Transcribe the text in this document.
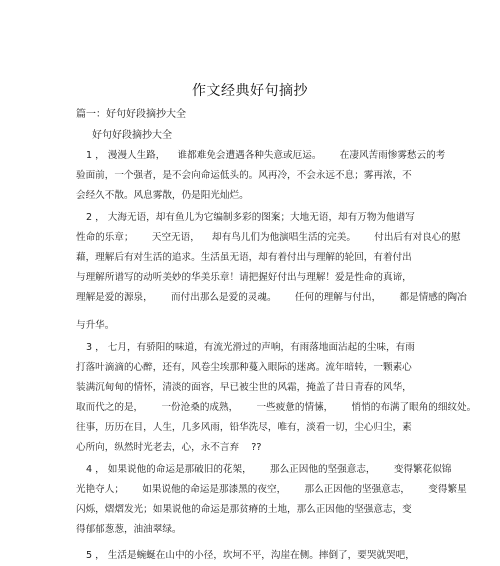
作文经典好句摘抄
篇一：好句好段摘抄大全
好句好段摘抄大全
1 ， 漫漫人生路，    谁都难免会遭遇各种失意或厄运。      在凄风苦雨惨雾愁云的考
验面前，一个强者，是不会向命运低头的。风再冷，不会永远不息；雾再浓，不
会经久不散。风息雾散，仍是阳光灿烂。
2 ， 大海无语，却有鱼儿为它编制多彩的图案；大地无语，却有万物为他谱写
性命的乐章；      天空无语，    却有鸟儿们为他演唱生活的完美。      付出后有对良心的慰
藉，理解后有对生活的追求。生活虽无语，却有着付出与理解的轮回，有着付出
与理解所谱写的动听美妙的华美乐章！请把握好付出与理解！爱是性命的真谛，
理解是爱的源泉，      而付出那么是爱的灵魂。      任何的理解与付出，      都是情感的陶冶
与升华。
3 ， 七月，有骄阳的味道，有流光滑过的声响，有雨落地面沾起的尘味，有雨
打落叶滴滴的心醉，还有，风卷尘埃那种蔓入眼际的迷离。流年暗转，一颗素心
装满沉甸甸的情怀，清淡的面容，早已被尘世的风霜，掩盖了昔日青春的风华，
取而代之的是，      一份沧桑的成熟，      一些疲惫的情愫，      悄悄的布满了眼角的细纹处。
往事，历历在目，人生，几多风雨，铅华洗尽，唯有，淡看一切，尘心归尘，素
心所向，纵然时光老去，心，永不言弃    ??
4 ， 如果说他的命运是那破旧的花架，      那么正因他的坚强意志，      变得繁花似锦
光艳夺人；      如果说他的命运是那漆黑的夜空，      那么正因他的坚强意志，      变得繁星
闪烁，熠熠发光；如果说他的命运是那贫瘠的土地，那么正因他的坚强意志，变
得郁郁葱葱，油油翠绿。
5 ， 生活是蜿蜒在山中的小径，坎坷不平，沟崖在侧。摔倒了，要哭就哭吧，
